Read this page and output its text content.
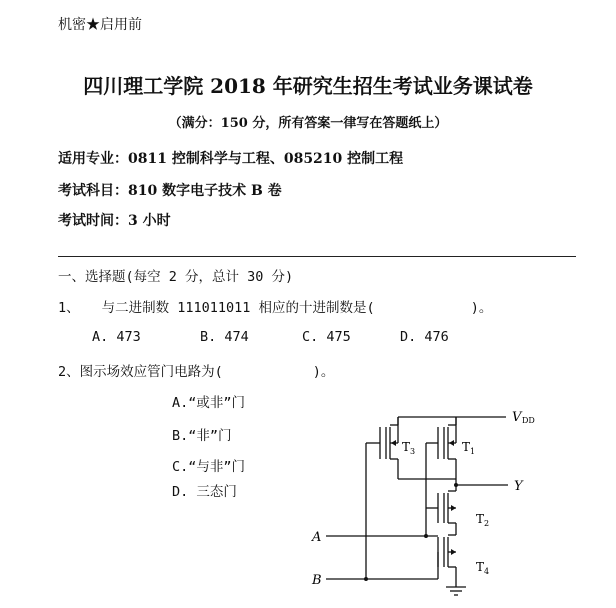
机密★启用前
四川理工学院 2018 年研究生招生考试业务课试卷
（满分：150 分，所有答案一律写在答题纸上）
适用专业：0811 控制科学与工程、085210 控制工程
考试科目：810 数字电子技术 B 卷
考试时间：3 小时
一、选择题(每空 2 分，总计 30 分)
1、 与二进制数 111011011 相应的十进制数是(	)。
A. 473	B. 474	C. 475	D. 476
2、图示场效应管门电路为(	)。
A.“或非”门
B.“非”门
C.“与非”门
D. 三态门
V DD
T 3	T 1
T 2
T 4
Y
A
B
